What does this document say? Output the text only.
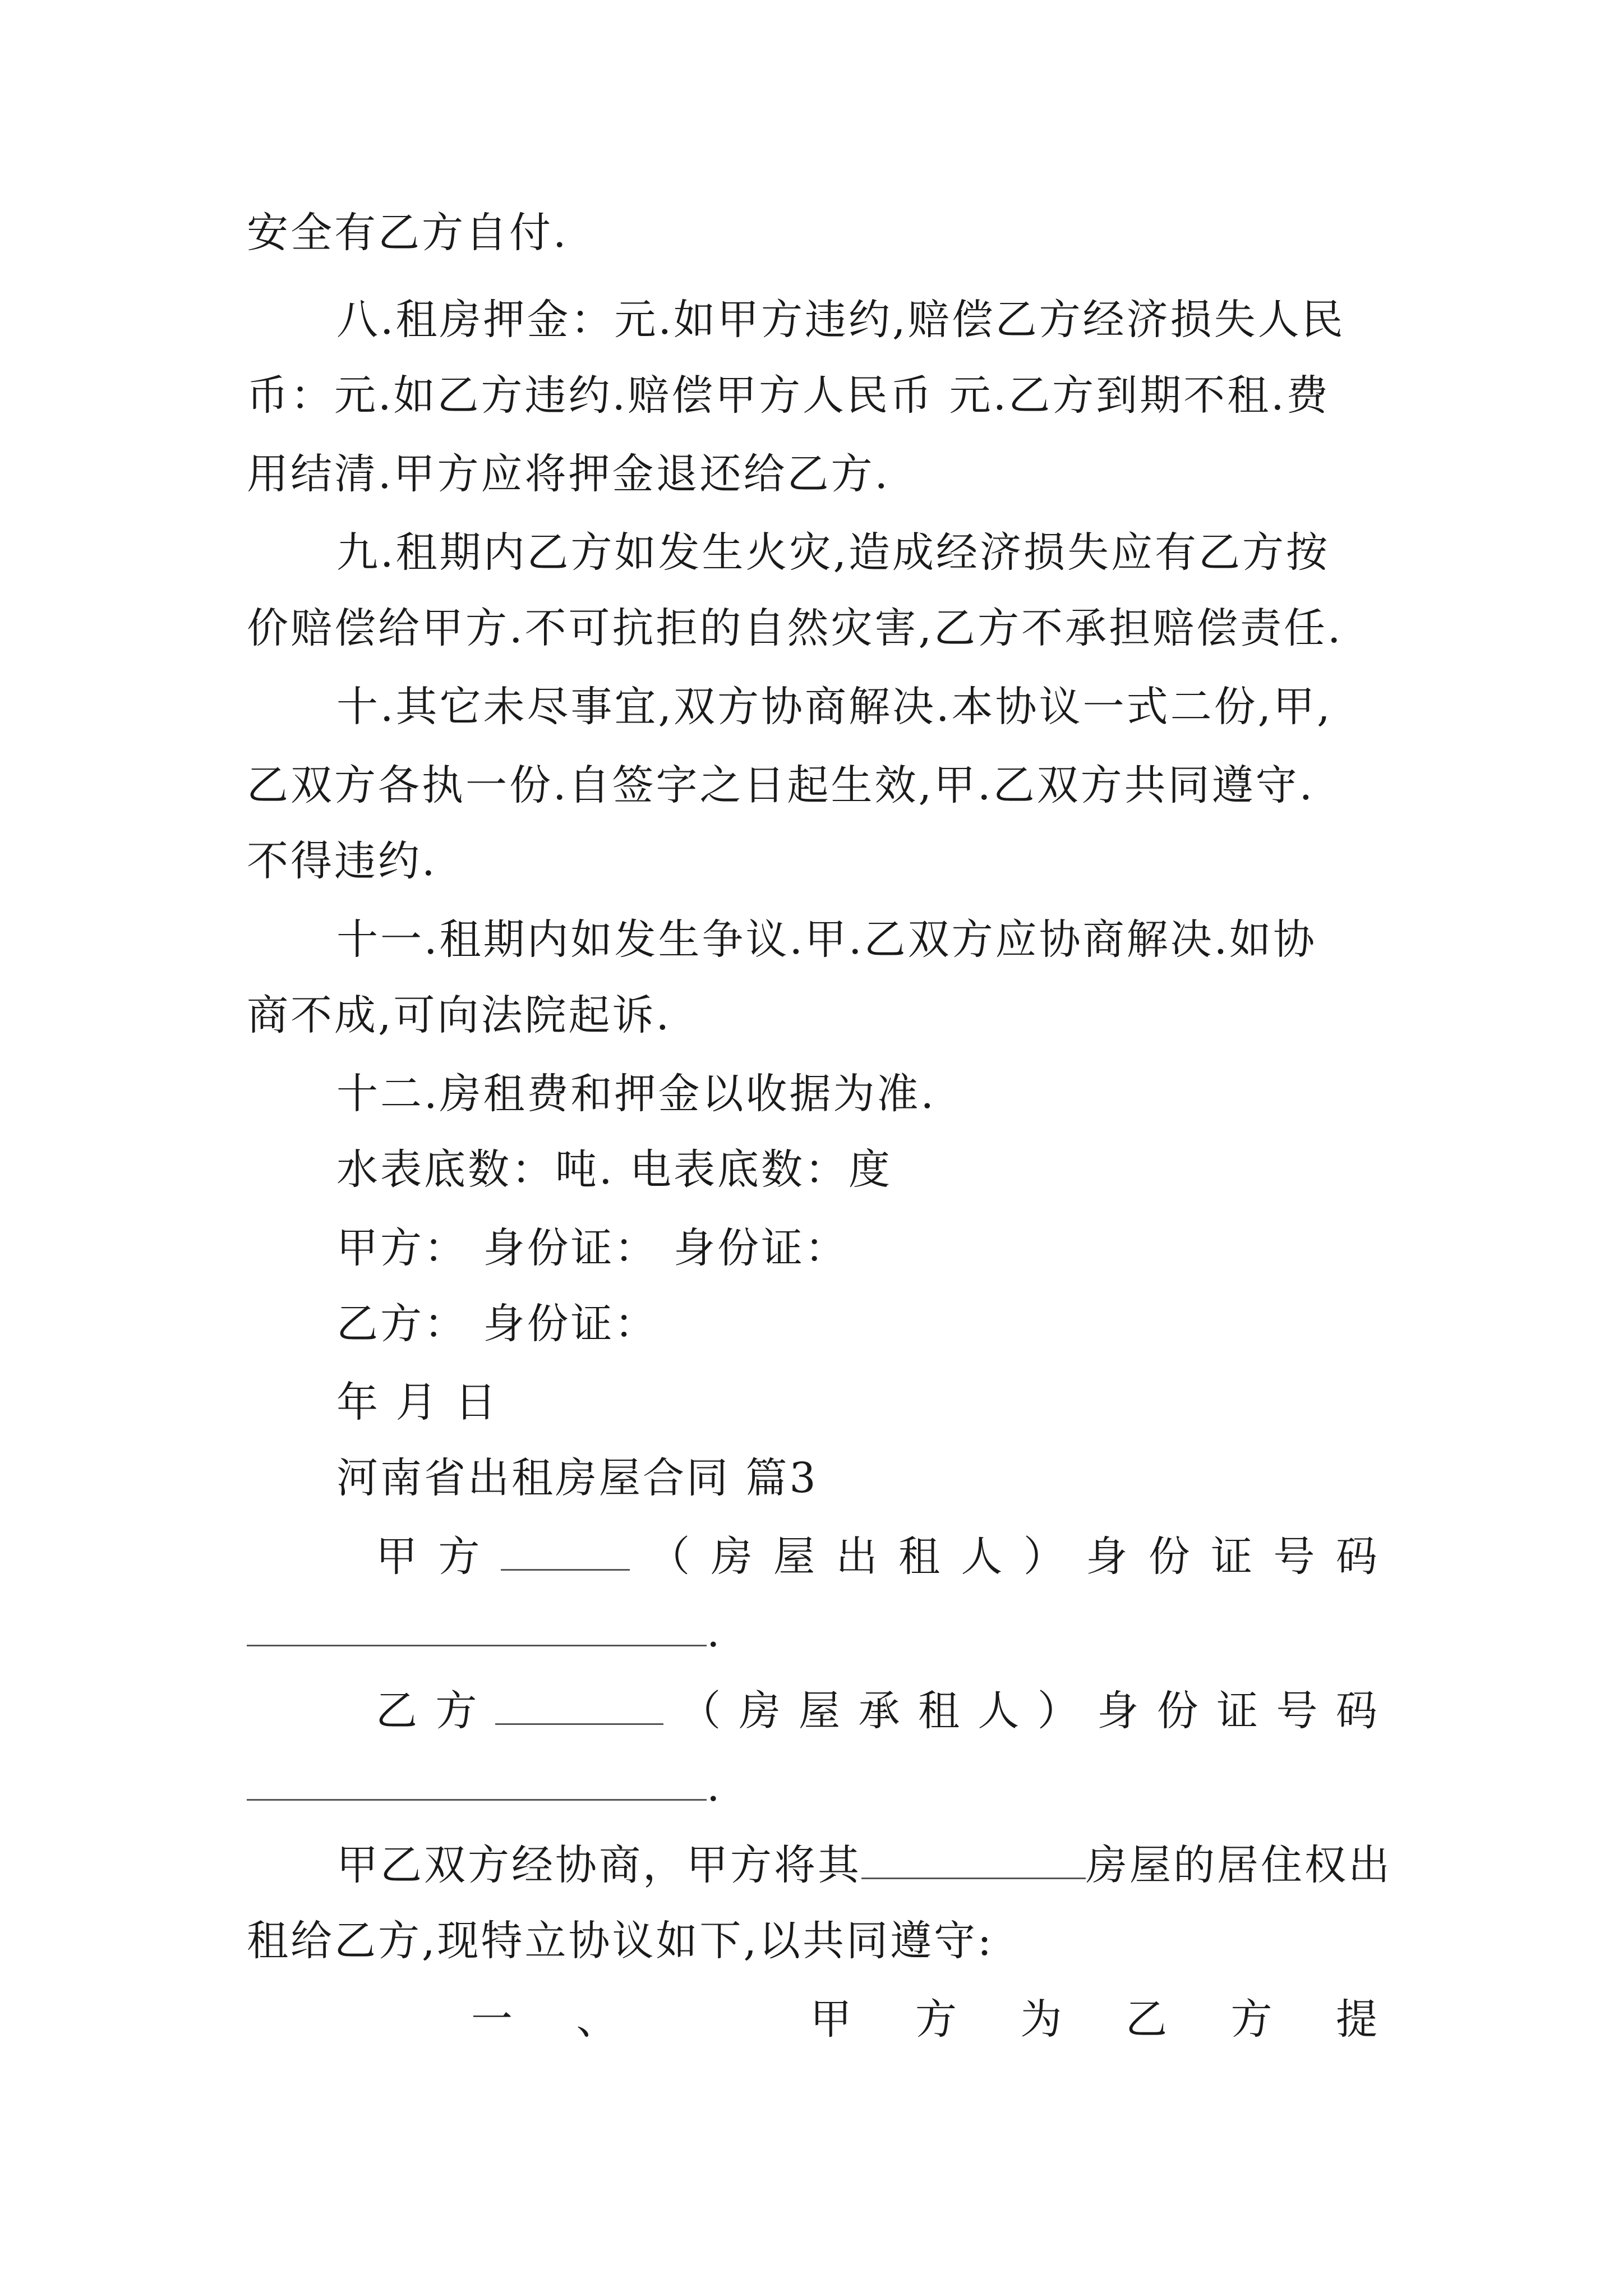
安全有乙方自付.
八.租房押金：元.如甲方违约,赔偿乙方经济损失人民
币：元.如乙方违约.赔偿甲方人民币 元.乙方到期不租.费
用结清.甲方应将押金退还给乙方.
九.租期内乙方如发生火灾,造成经济损失应有乙方按
价赔偿给甲方.不可抗拒的自然灾害,乙方不承担赔偿责任.
十.其它未尽事宜,双方协商解决.本协议一式二份,甲,
乙双方各执一份.自签字之日起生效,甲.乙双方共同遵守.
不得违约.
十一.租期内如发生争议.甲.乙双方应协商解决.如协
商不成,可向法院起诉.
十二.房租费和押金以收据为准.
水表底数：吨. 电表底数：度
甲方： 身份证： 身份证：
乙方： 身份证：
年 月 日
河南省出租房屋合同 篇3
甲 方	（ 房 屋 出 租 人 ） 身 份 证 号 码
.
乙 方	（ 房 屋 承 租 人 ） 身 份 证 号 码
.
甲乙双方经协商，甲方将其	房屋的居住权出
租给乙方,现特立协议如下,以共同遵守:
一 、	甲 方 为 乙 方 提
